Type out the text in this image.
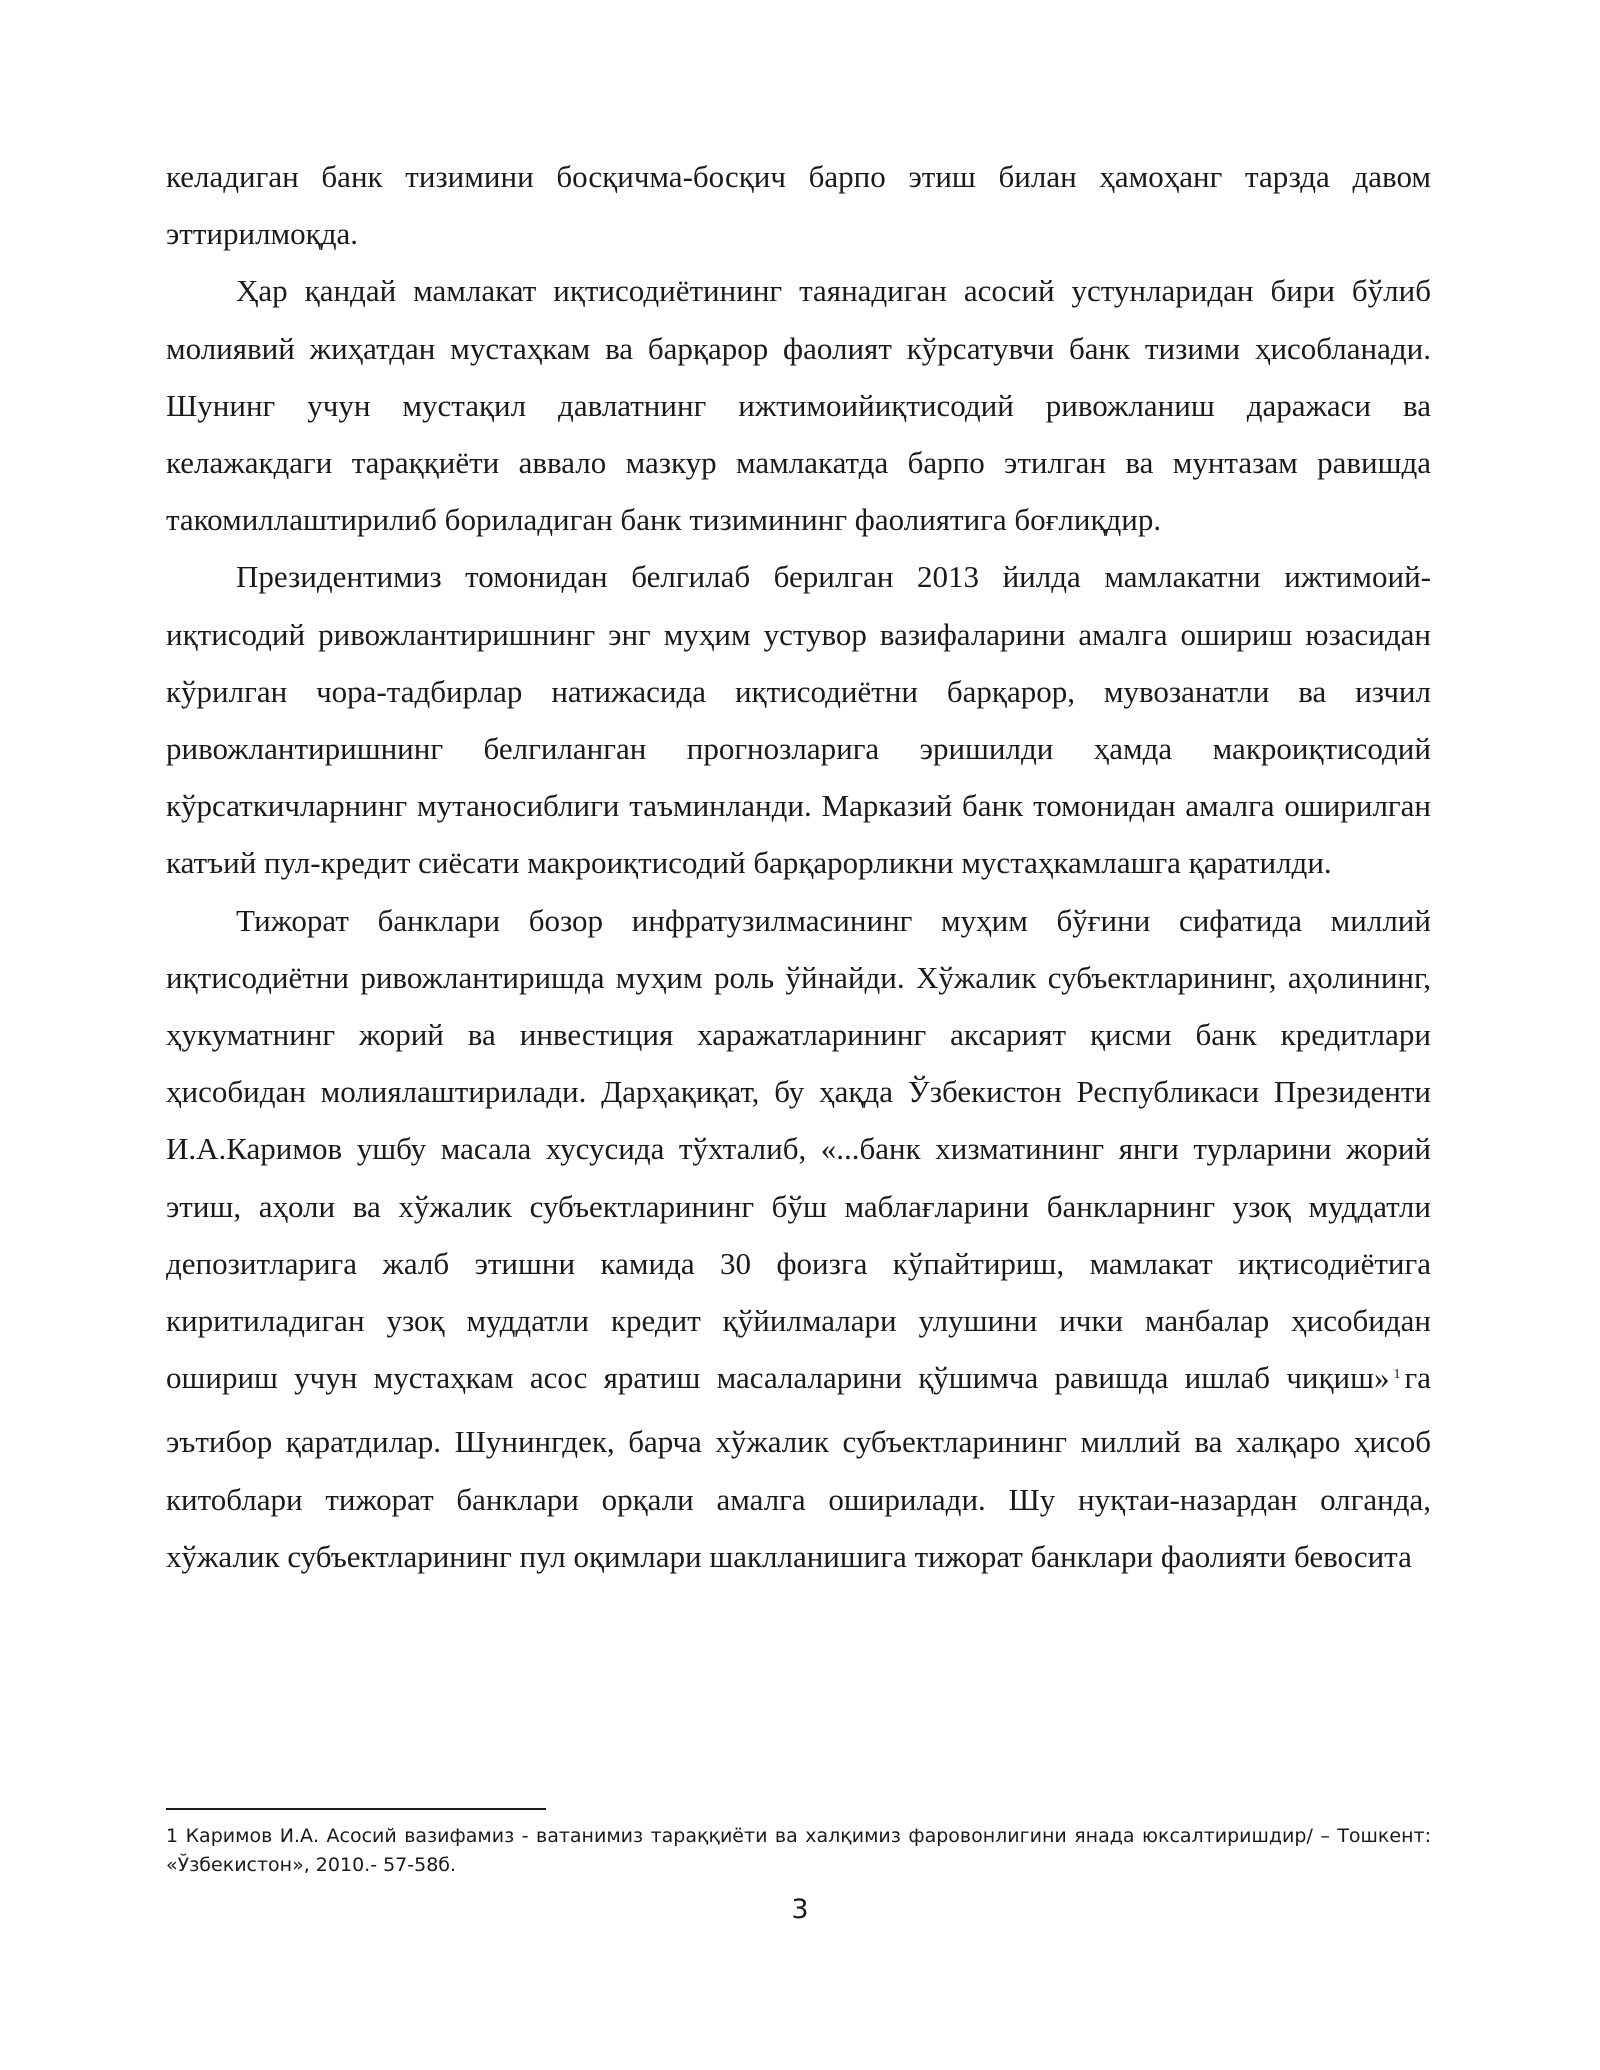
келадиган банк тизимини босқичма-босқич барпо этиш билан ҳамоҳанг тарзда давом эттирилмоқда.

Ҳар қандай мамлакат иқтисодиётининг таянадиган асосий устунларидан бири бўлиб молиявий жиҳатдан мустаҳкам ва барқарор фаолият кўрсатувчи банк тизими ҳисобланади. Шунинг учун мустақил давлатнинг ижтимоийиқтисодий ривожланиш даражаси ва келажакдаги тараққиёти аввало мазкур мамлакатда барпо этилган ва мунтазам равишда такомиллаштирилиб бориладиган банк тизимининг фаолиятига боғлиқдир.

Президентимиз томонидан белгилаб берилган 2013 йилда мамлакатни ижтимоий-иқтисодий ривожлантиришнинг энг муҳим устувор вазифаларини амалга ошириш юзасидан кўрилган чора-тадбирлар натижасида иқтисодиётни барқарор, мувозанатли ва изчил ривожлантиришнинг белгиланган прогнозларига эришилди ҳамда макроиқтисодий кўрсаткичларнинг мутаносиблиги таъминланди. Марказий банк томонидан амалга оширилган катъий пул-кредит сиёсати макроиқтисодий барқарорликни мустаҳкамлашга қаратилди.

Тижорат банклари бозор инфратузилмасининг муҳим бўғини сифатида миллий иқтисодиётни ривожлантиришда муҳим роль ўйнайди. Хўжалик субъектларининг, аҳолининг, ҳукуматнинг жорий ва инвестиция харажатларининг аксарият қисми банк кредитлари ҳисобидан молиялаштирилади. Дарҳақиқат, бу ҳақда Ўзбекистон Республикаси Президенти И.А.Каримов ушбу масала хусусида тўхталиб, «...банк хизматининг янги турларини жорий этиш, аҳоли ва хўжалик субъектларининг бўш маблағларини банкларнинг узоқ муддатли депозитларига жалб этишни камида 30 фоизга кўпайтириш, мамлакат иқтисодиётига киритиладиган узоқ муддатли кредит қўйилмалари улушини ички манбалар ҳисобидан ошириш учун мустаҳкам асос яратиш масалаларини қўшимча равишда ишлаб чиқиш» $^1$ га эътибор қаратдилар. Шунингдек, барча хўжалик субъектларининг миллий ва халқаро ҳисоб китоблари тижорат банклари орқали амалга оширилади. Шу нуқтаи-назардан олганда, хўжалик субъектларининг пул оқимлари шаклланишига тижорат банклари фаолияти бевосита

1 Каримов И.А. Асосий вазифамиз - ватанимиз тараққиёти ва халқимиз фаровонлигини янада юксалтиришдир/ – Тошкент: «Ўзбекистон», 2010.- 57-58б.
3
